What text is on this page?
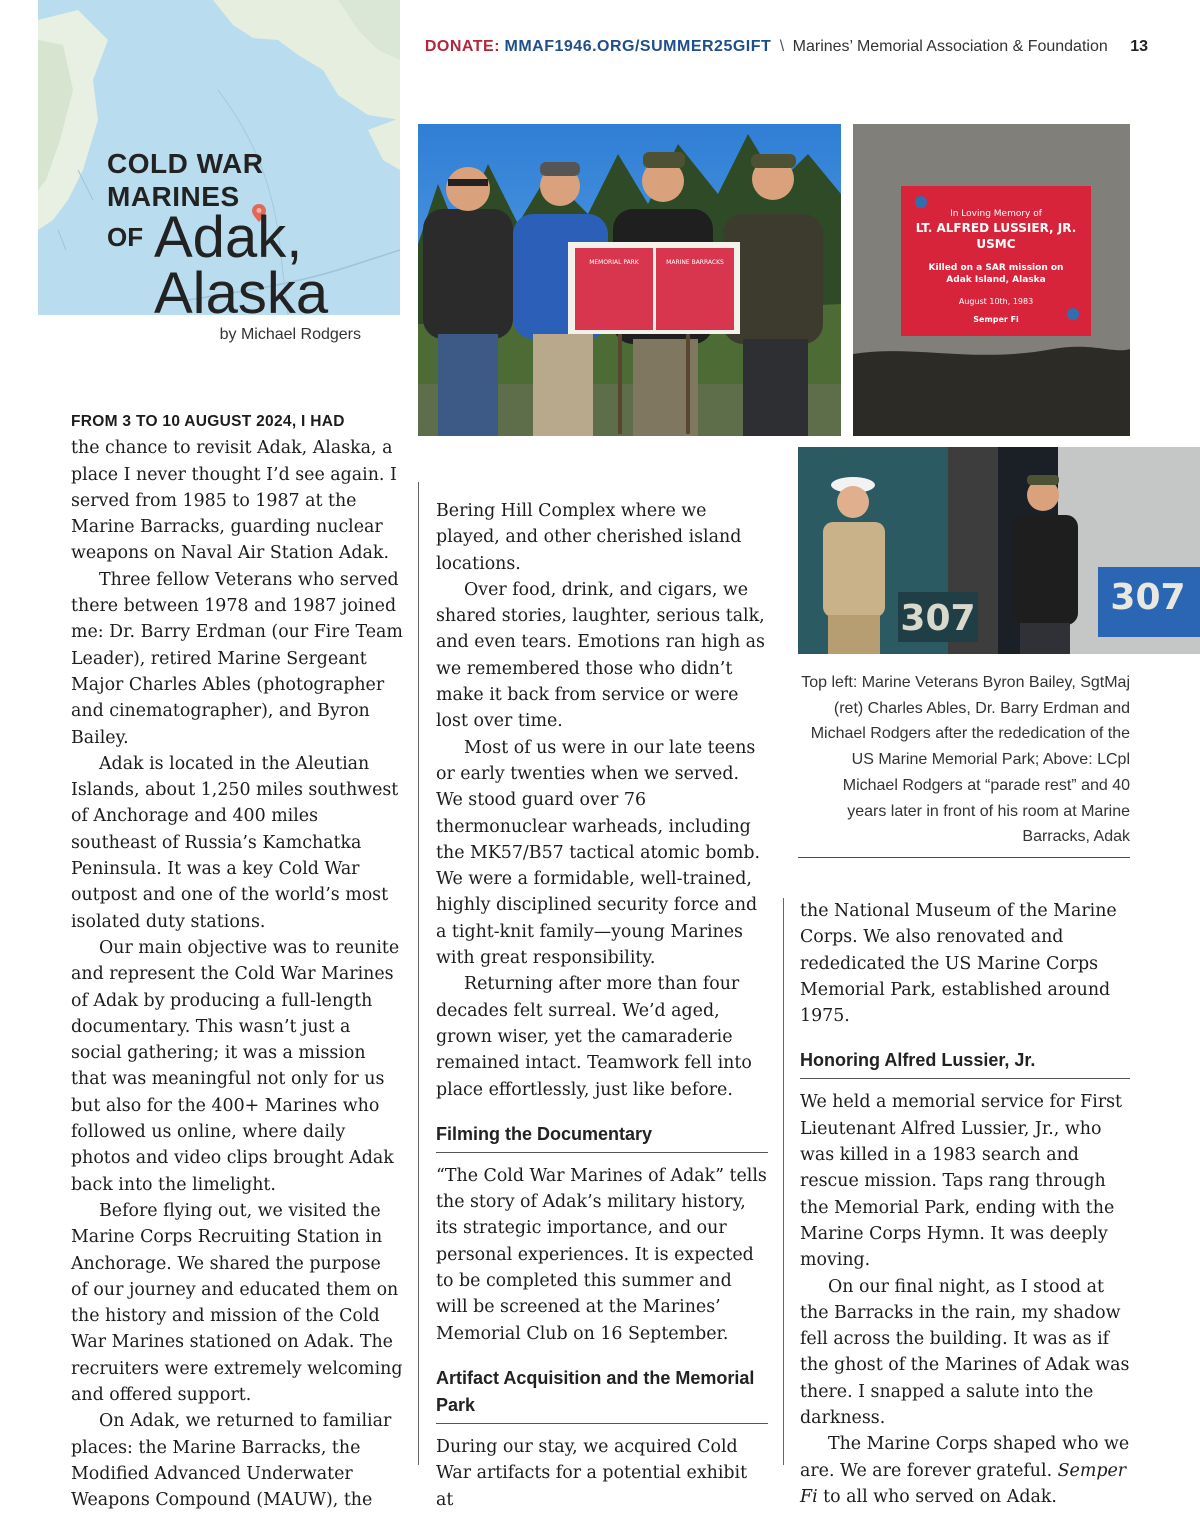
DONATE: MMAF1946.ORG/SUMMER25GIFT \ Marines’ Memorial Association & Foundation 13
COLD WAR
MARINES
OF Adak,
Alaska
by Michael Rodgers
MEMORIAL PARK	MARINE BARRACKS
In Loving Memory of
LT. ALFRED LUSSIER, JR.
USMC
Killed on a SAR mission on
Adak Island, Alaska
August 10th, 1983
Semper Fi
307
307
Top left: Marine Veterans Byron Bailey, SgtMaj (ret) Charles Ables, Dr. Barry Erdman and Michael Rodgers after the rededication of the US Marine Memorial Park; Above: LCpl Michael Rodgers at “parade rest” and 40 years later in front of his room at Marine Barracks, Adak

FROM 3 TO 10 AUGUST 2024, I HAD
the chance to revisit Adak, Alaska, a place I never thought I’d see again. I served from 1985 to 1987 at the Marine Barracks, guarding nuclear weapons on Naval Air Station Adak.

Three fellow Veterans who served there between 1978 and 1987 joined me: Dr. Barry Erdman (our Fire Team Leader), retired Marine Sergeant Major Charles Ables (photographer and cinematographer), and Byron Bailey.

Adak is located in the Aleutian Islands, about 1,250 miles southwest of Anchorage and 400 miles southeast of Russia’s Kamchatka Peninsula. It was a key Cold War outpost and one of the world’s most isolated duty stations.

Our main objective was to reunite and represent the Cold War Marines of Adak by producing a full-length documentary. This wasn’t just a social gathering; it was a mission that was meaningful not only for us but also for the 400+ Marines who followed us online, where daily photos and video clips brought Adak back into the limelight.

Before flying out, we visited the Marine Corps Recruiting Station in Anchorage. We shared the purpose of our journey and educated them on the history and mission of the Cold War Marines stationed on Adak. The recruiters were extremely welcoming and offered support.

On Adak, we returned to familiar places: the Marine Barracks, the Modified Advanced Underwater Weapons Compound (MAUW), the

Bering Hill Complex where we played, and other cherished island locations.

Over food, drink, and cigars, we shared stories, laughter, serious talk, and even tears. Emotions ran high as we remembered those who didn’t make it back from service or were lost over time.

Most of us were in our late teens or early twenties when we served. We stood guard over 76 thermonuclear warheads, including the MK57/B57 tactical atomic bomb. We were a formidable, well-trained, highly disciplined security force and a tight-knit family—young Marines with great responsibility.

Returning after more than four decades felt surreal. We’d aged, grown wiser, yet the camaraderie remained intact. Teamwork fell into place effortlessly, just like before.

Filming the Documentary

“The Cold War Marines of Adak” tells the story of Adak’s military history, its strategic importance, and our personal experiences. It is expected to be completed this summer and will be screened at the Marines’ Memorial Club on 16 September.

Artifact Acquisition and the Memorial Park

During our stay, we acquired Cold War artifacts for a potential exhibit at

the National Museum of the Marine Corps. We also renovated and rededicated the US Marine Corps Memorial Park, established around 1975.

Honoring Alfred Lussier, Jr.

We held a memorial service for First Lieutenant Alfred Lussier, Jr., who was killed in a 1983 search and rescue mission. Taps rang through the Memorial Park, ending with the Marine Corps Hymn. It was deeply moving.

On our final night, as I stood at the Barracks in the rain, my shadow fell across the building. It was as if the ghost of the Marines of Adak was there. I snapped a salute into the darkness.

The Marine Corps shaped who we are. We are forever grateful. Semper Fi to all who served on Adak.
